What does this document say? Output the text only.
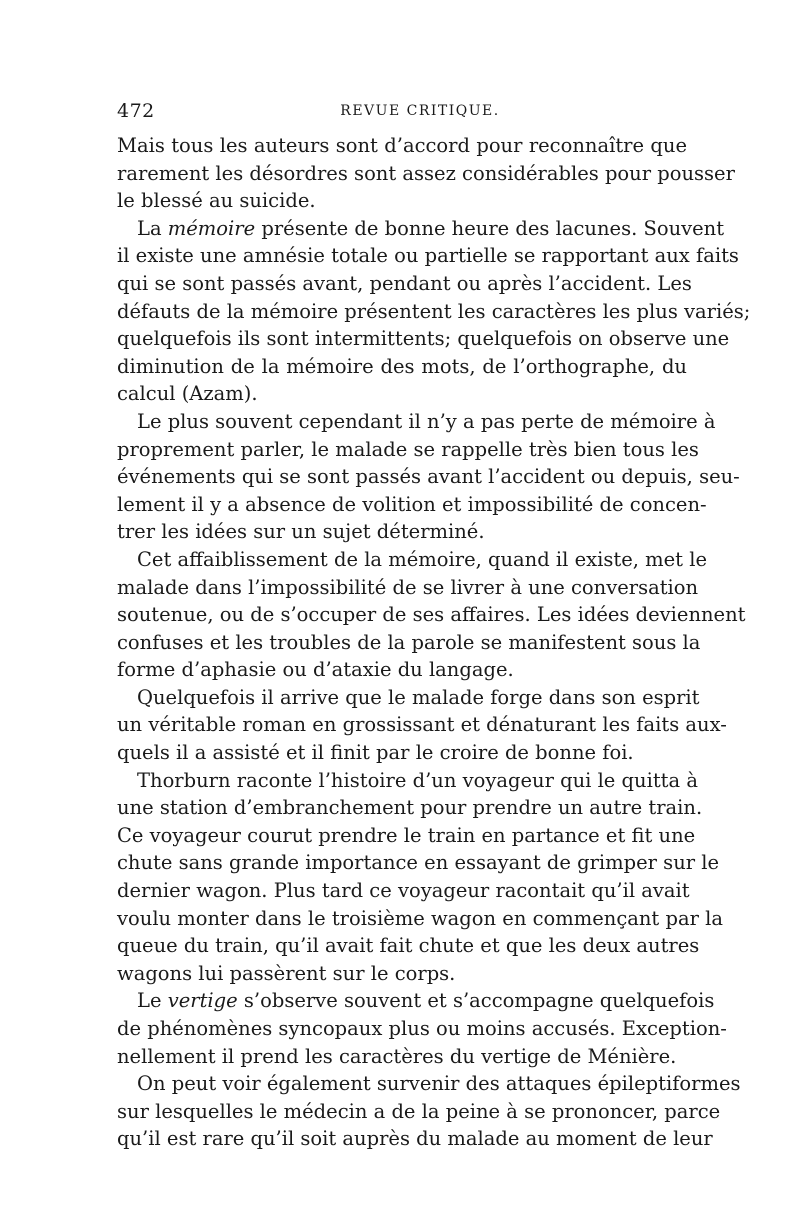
472	REVUE CRITIQUE.
Mais tous les auteurs sont d’accord pour reconnaître que
rarement les désordres sont assez considérables pour pousser
le blessé au suicide.
La mémoire présente de bonne heure des lacunes. Souvent
il existe une amnésie totale ou partielle se rapportant aux faits
qui se sont passés avant, pendant ou après l’accident. Les
défauts de la mémoire présentent les caractères les plus variés;
quelquefois ils sont intermittents; quelquefois on observe une
diminution de la mémoire des mots, de l’orthographe, du
calcul (Azam).
Le plus souvent cependant il n’y a pas perte de mémoire à
proprement parler, le malade se rappelle très bien tous les
événements qui se sont passés avant l’accident ou depuis, seu-
lement il y a absence de volition et impossibilité de concen-
trer les idées sur un sujet déterminé.
Cet affaiblissement de la mémoire, quand il existe, met le
malade dans l’impossibilité de se livrer à une conversation
soutenue, ou de s’occuper de ses affaires. Les idées deviennent
confuses et les troubles de la parole se manifestent sous la
forme d’aphasie ou d’ataxie du langage.
Quelquefois il arrive que le malade forge dans son esprit
un véritable roman en grossissant et dénaturant les faits aux-
quels il a assisté et il finit par le croire de bonne foi.
Thorburn raconte l’histoire d’un voyageur qui le quitta à
une station d’embranchement pour prendre un autre train.
Ce voyageur courut prendre le train en partance et fit une
chute sans grande importance en essayant de grimper sur le
dernier wagon. Plus tard ce voyageur racontait qu’il avait
voulu monter dans le troisième wagon en commençant par la
queue du train, qu’il avait fait chute et que les deux autres
wagons lui passèrent sur le corps.
Le vertige s’observe souvent et s’accompagne quelquefois
de phénomènes syncopaux plus ou moins accusés. Exception-
nellement il prend les caractères du vertige de Ménière.
On peut voir également survenir des attaques épileptiformes
sur lesquelles le médecin a de la peine à se prononcer, parce
qu’il est rare qu’il soit auprès du malade au moment de leur
